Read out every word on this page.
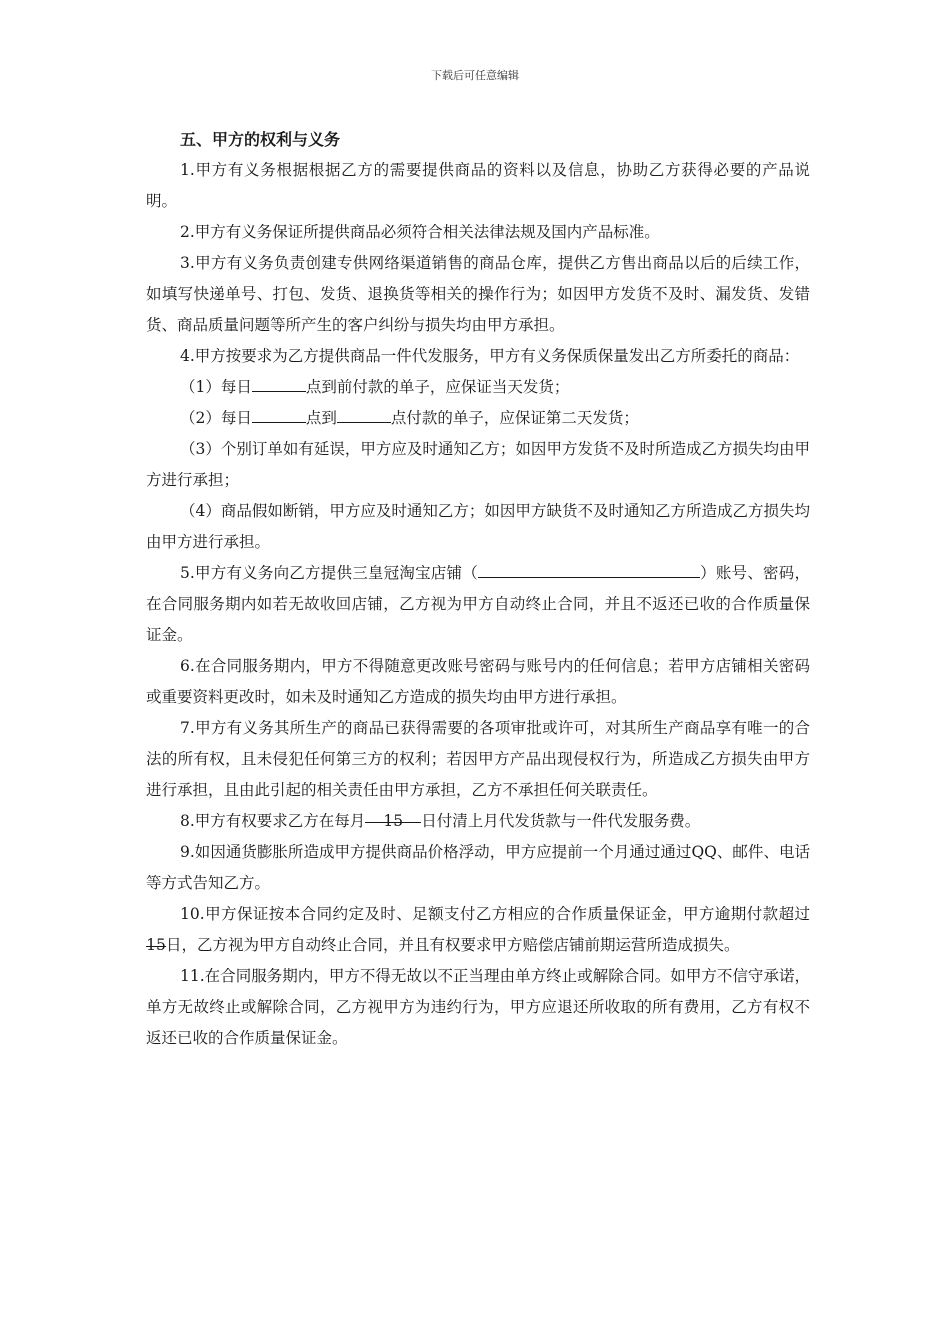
下载后可任意编辑
五、甲方的权利与义务

1.甲方有义务根据根据乙方的需要提供商品的资料以及信息，协助乙方获得必要的产品说明。

2.甲方有义务保证所提供商品必须符合相关法律法规及国内产品标准。

3.甲方有义务负责创建专供网络渠道销售的商品仓库，提供乙方售出商品以后的后续工作，如填写快递单号、打包、发货、退换货等相关的操作行为；如因甲方发货不及时、漏发货、发错货、商品质量问题等所产生的客户纠纷与损失均由甲方承担。

4.甲方按要求为乙方提供商品一件代发服务，甲方有义务保质保量发出乙方所委托的商品：

（1）每日	点到前付款的单子，应保证当天发货；

（2）每日	点到	点付款的单子，应保证第二天发货；

（3）个别订单如有延误，甲方应及时通知乙方；如因甲方发货不及时所造成乙方损失均由甲方进行承担；

（4）商品假如断销，甲方应及时通知乙方；如因甲方缺货不及时通知乙方所造成乙方损失均由甲方进行承担。

5.甲方有义务向乙方提供三皇冠淘宝店铺（	）账号、密码，在合同服务期内如若无故收回店铺，乙方视为甲方自动终止合同，并且不返还已收的合作质量保证金。

6.在合同服务期内，甲方不得随意更改账号密码与账号内的任何信息；若甲方店铺相关密码或重要资料更改时，如未及时通知乙方造成的损失均由甲方进行承担。

7.甲方有义务其所生产的商品已获得需要的各项审批或许可，对其所生产商品享有唯一的合法的所有权，且未侵犯任何第三方的权利；若因甲方产品出现侵权行为，所造成乙方损失由甲方进行承担，且由此引起的相关责任由甲方承担，乙方不承担任何关联责任。

8.甲方有权要求乙方在每月 15 日付清上月代发货款与一件代发服务费。

9.如因通货膨胀所造成甲方提供商品价格浮动，甲方应提前一个月通过通过QQ、邮件、电话等方式告知乙方。

10.甲方保证按本合同约定及时、足额支付乙方相应的合作质量保证金，甲方逾期付款超过15日，乙方视为甲方自动终止合同，并且有权要求甲方赔偿店铺前期运营所造成损失。

11.在合同服务期内，甲方不得无故以不正当理由单方终止或解除合同。如甲方不信守承诺，单方无故终止或解除合同，乙方视甲方为违约行为，甲方应退还所收取的所有费用，乙方有权不返还已收的合作质量保证金。
